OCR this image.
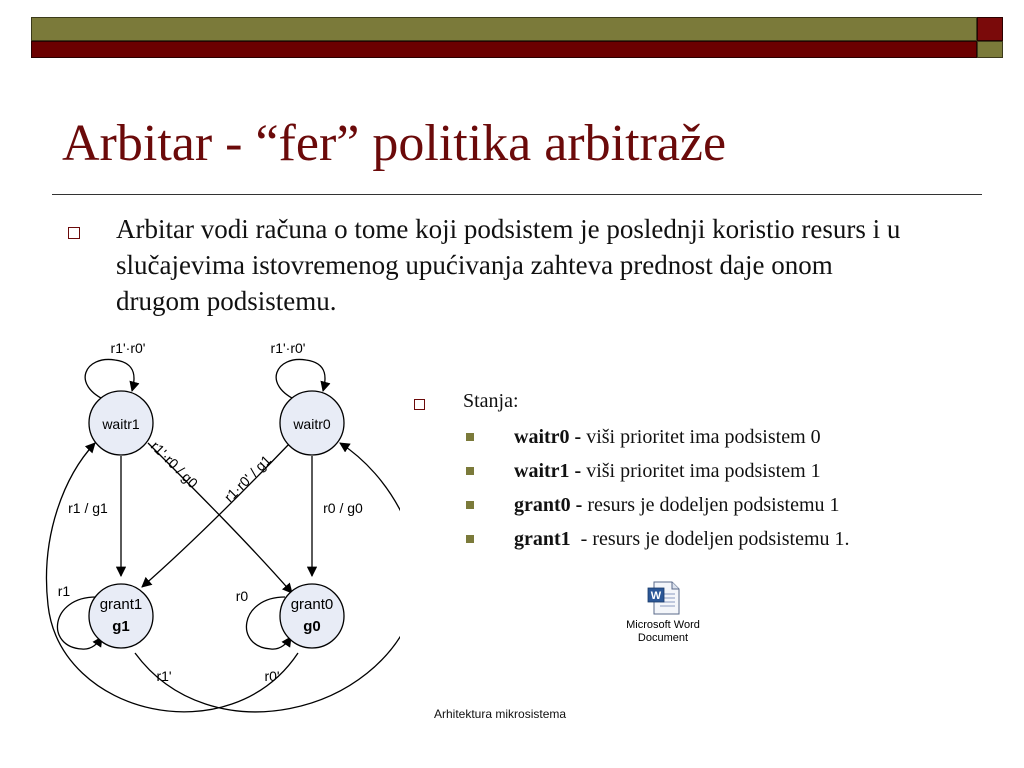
Arbitar - “fer” politika arbitraže
Arbitar vodi računa o tome koji podsistem je poslednji koristio resurs i u slučajevima istovremenog upućivanja zahteva prednost daje onom drugom podsistemu.
waitr1	waitr0
grant1
g1
grant0
g0
r1'·r0'	r1'·r0'
r1 / g1	r0 / g0
r1'·r0 / g0 r1·r0' / g1
r1	r0
r1'	r0'
Stanja:
waitr0 - viši prioritet ima podsistem 0
waitr1 - viši prioritet ima podsistem 1
grant0 - resurs je dodeljen podsistemu 1
grant1  - resurs je dodeljen podsistemu 1.
W
Microsoft Word
Document
Arhitektura mikrosistema
